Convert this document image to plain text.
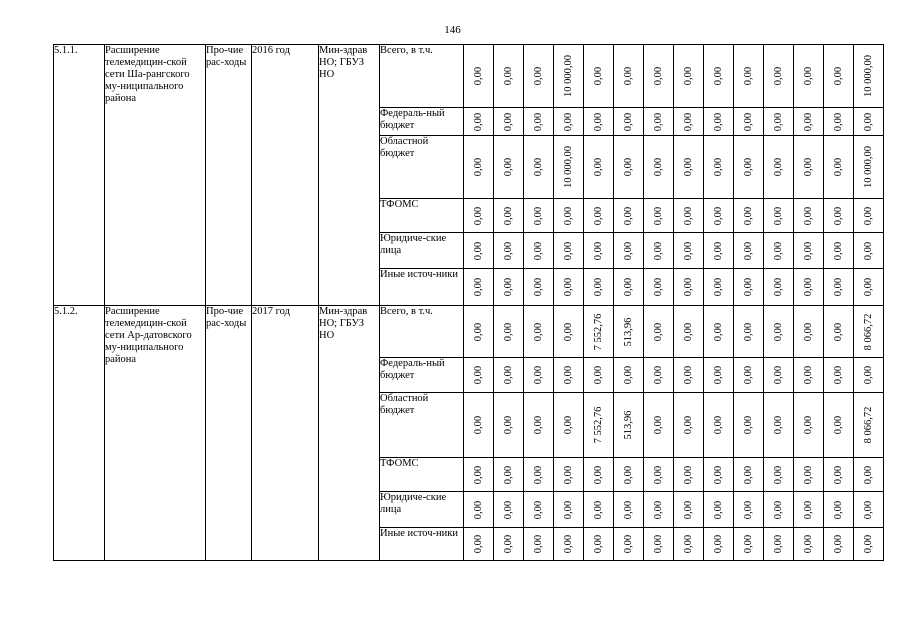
146
5.1.1.	Расширение телемедицин-ской сети Ша-рангского му-ниципального района	Про-чие рас-ходы	2016 год	Мин-здрав НО; ГБУЗ НО	Всего, в т.ч.	0,00	0,00	0,00	10 000,00	0,00	0,00	0,00	0,00	0,00	0,00	0,00	0,00	0,00	10 000,00

					Федераль-ный бюджет	0,00	0,00	0,00	0,00	0,00	0,00	0,00	0,00	0,00	0,00	0,00	0,00	0,00	0,00

					Областной бюджет	0,00	0,00	0,00	10 000,00	0,00	0,00	0,00	0,00	0,00	0,00	0,00	0,00	0,00	10 000,00

					ТФОМС	0,00	0,00	0,00	0,00	0,00	0,00	0,00	0,00	0,00	0,00	0,00	0,00	0,00	0,00

					Юридиче-ские лица	0,00	0,00	0,00	0,00	0,00	0,00	0,00	0,00	0,00	0,00	0,00	0,00	0,00	0,00

					Иные источ-ники	0,00	0,00	0,00	0,00	0,00	0,00	0,00	0,00	0,00	0,00	0,00	0,00	0,00	0,00

5.1.2.	Расширение телемедицин-ской сети Ар-датовского му-ниципального района	Про-чие рас-ходы	2017 год	Мин-здрав НО; ГБУЗ НО	Всего, в т.ч.	0,00	0,00	0,00	0,00	7 552,76	513,96	0,00	0,00	0,00	0,00	0,00	0,00	0,00	8 066,72

					Федераль-ный бюджет	0,00	0,00	0,00	0,00	0,00	0,00	0,00	0,00	0,00	0,00	0,00	0,00	0,00	0,00

					Областной бюджет	0,00	0,00	0,00	0,00	7 552,76	513,96	0,00	0,00	0,00	0,00	0,00	0,00	0,00	8 066,72

					ТФОМС	0,00	0,00	0,00	0,00	0,00	0,00	0,00	0,00	0,00	0,00	0,00	0,00	0,00	0,00

					Юридиче-ские лица	0,00	0,00	0,00	0,00	0,00	0,00	0,00	0,00	0,00	0,00	0,00	0,00	0,00	0,00

					Иные источ-ники	0,00	0,00	0,00	0,00	0,00	0,00	0,00	0,00	0,00	0,00	0,00	0,00	0,00	0,00
